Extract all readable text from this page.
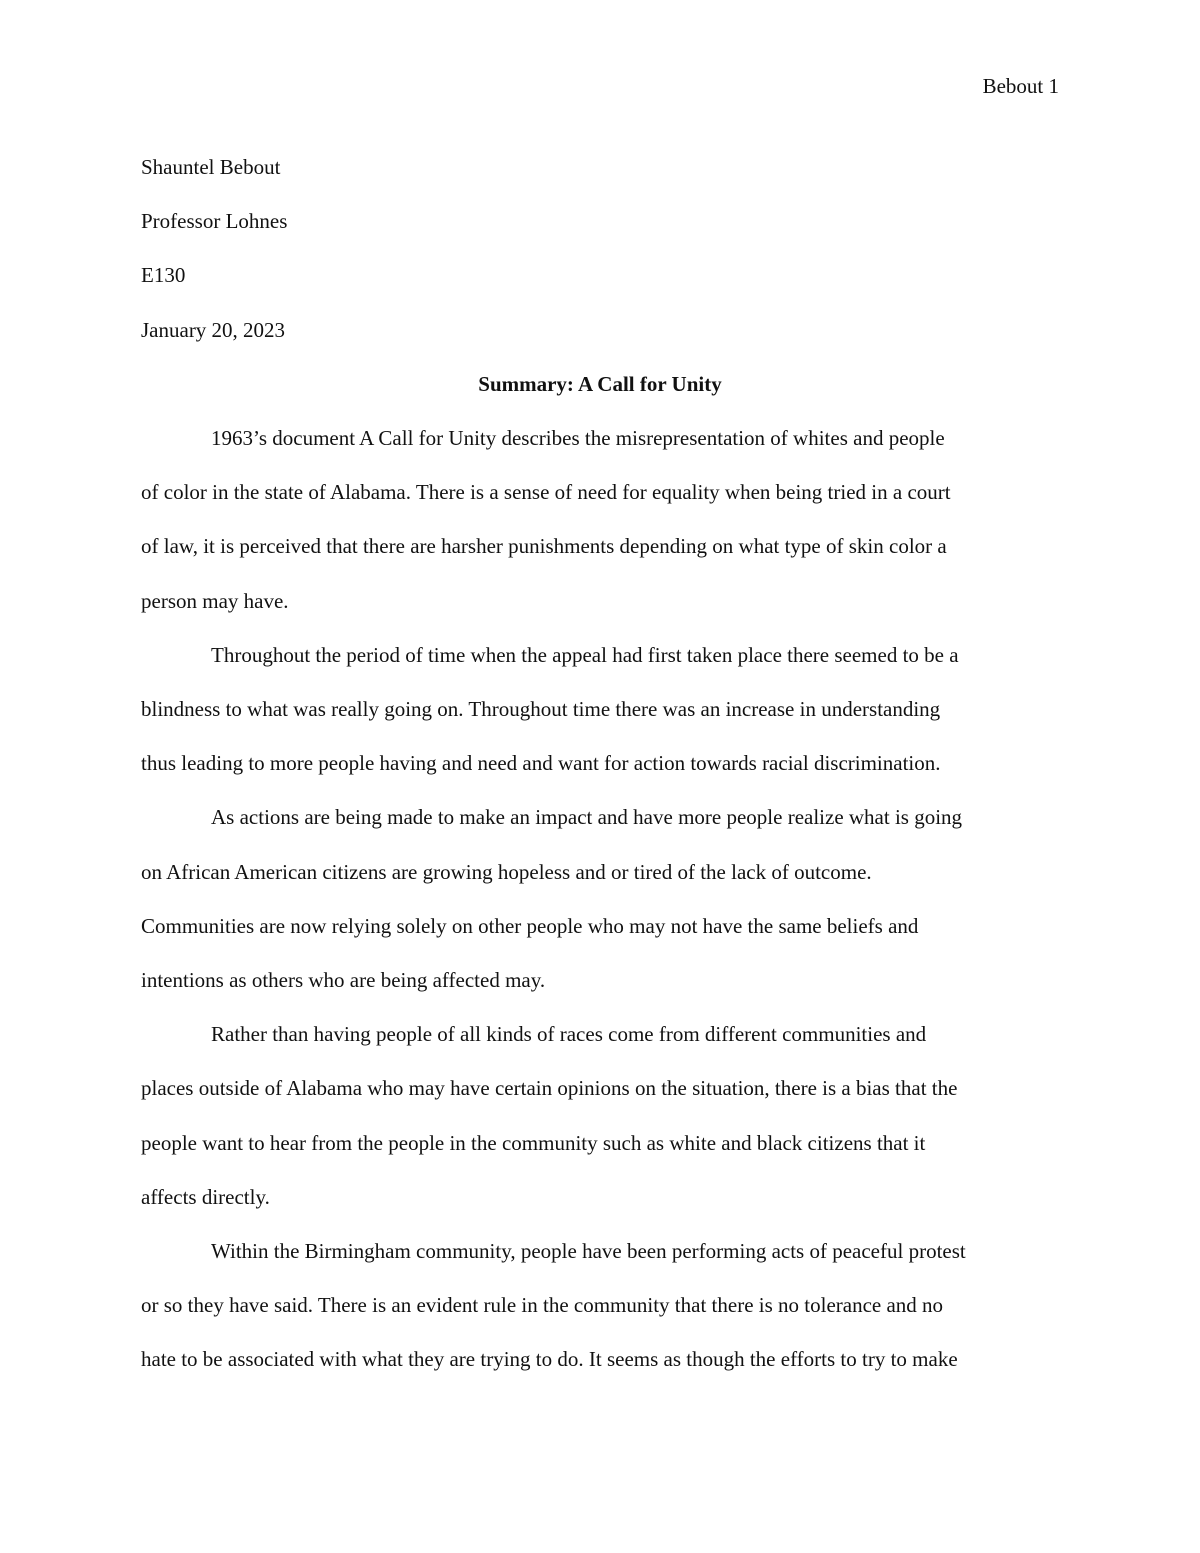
Bebout 1

Shauntel Bebout

Professor Lohnes

E130

January 20, 2023

Summary: A Call for Unity

1963’s document A Call for Unity describes the misrepresentation of whites and people
of color in the state of Alabama. There is a sense of need for equality when being tried in a court
of law, it is perceived that there are harsher punishments depending on what type of skin color a
person may have.

Throughout the period of time when the appeal had first taken place there seemed to be a
blindness to what was really going on. Throughout time there was an increase in understanding
thus leading to more people having and need and want for action towards racial discrimination.

As actions are being made to make an impact and have more people realize what is going
on African American citizens are growing hopeless and or tired of the lack of outcome.
Communities are now relying solely on other people who may not have the same beliefs and
intentions as others who are being affected may.

Rather than having people of all kinds of races come from different communities and
places outside of Alabama who may have certain opinions on the situation, there is a bias that the
people want to hear from the people in the community such as white and black citizens that it
affects directly.

Within the Birmingham community, people have been performing acts of peaceful protest
or so they have said. There is an evident rule in the community that there is no tolerance and no
hate to be associated with what they are trying to do. It seems as though the efforts to try to make
